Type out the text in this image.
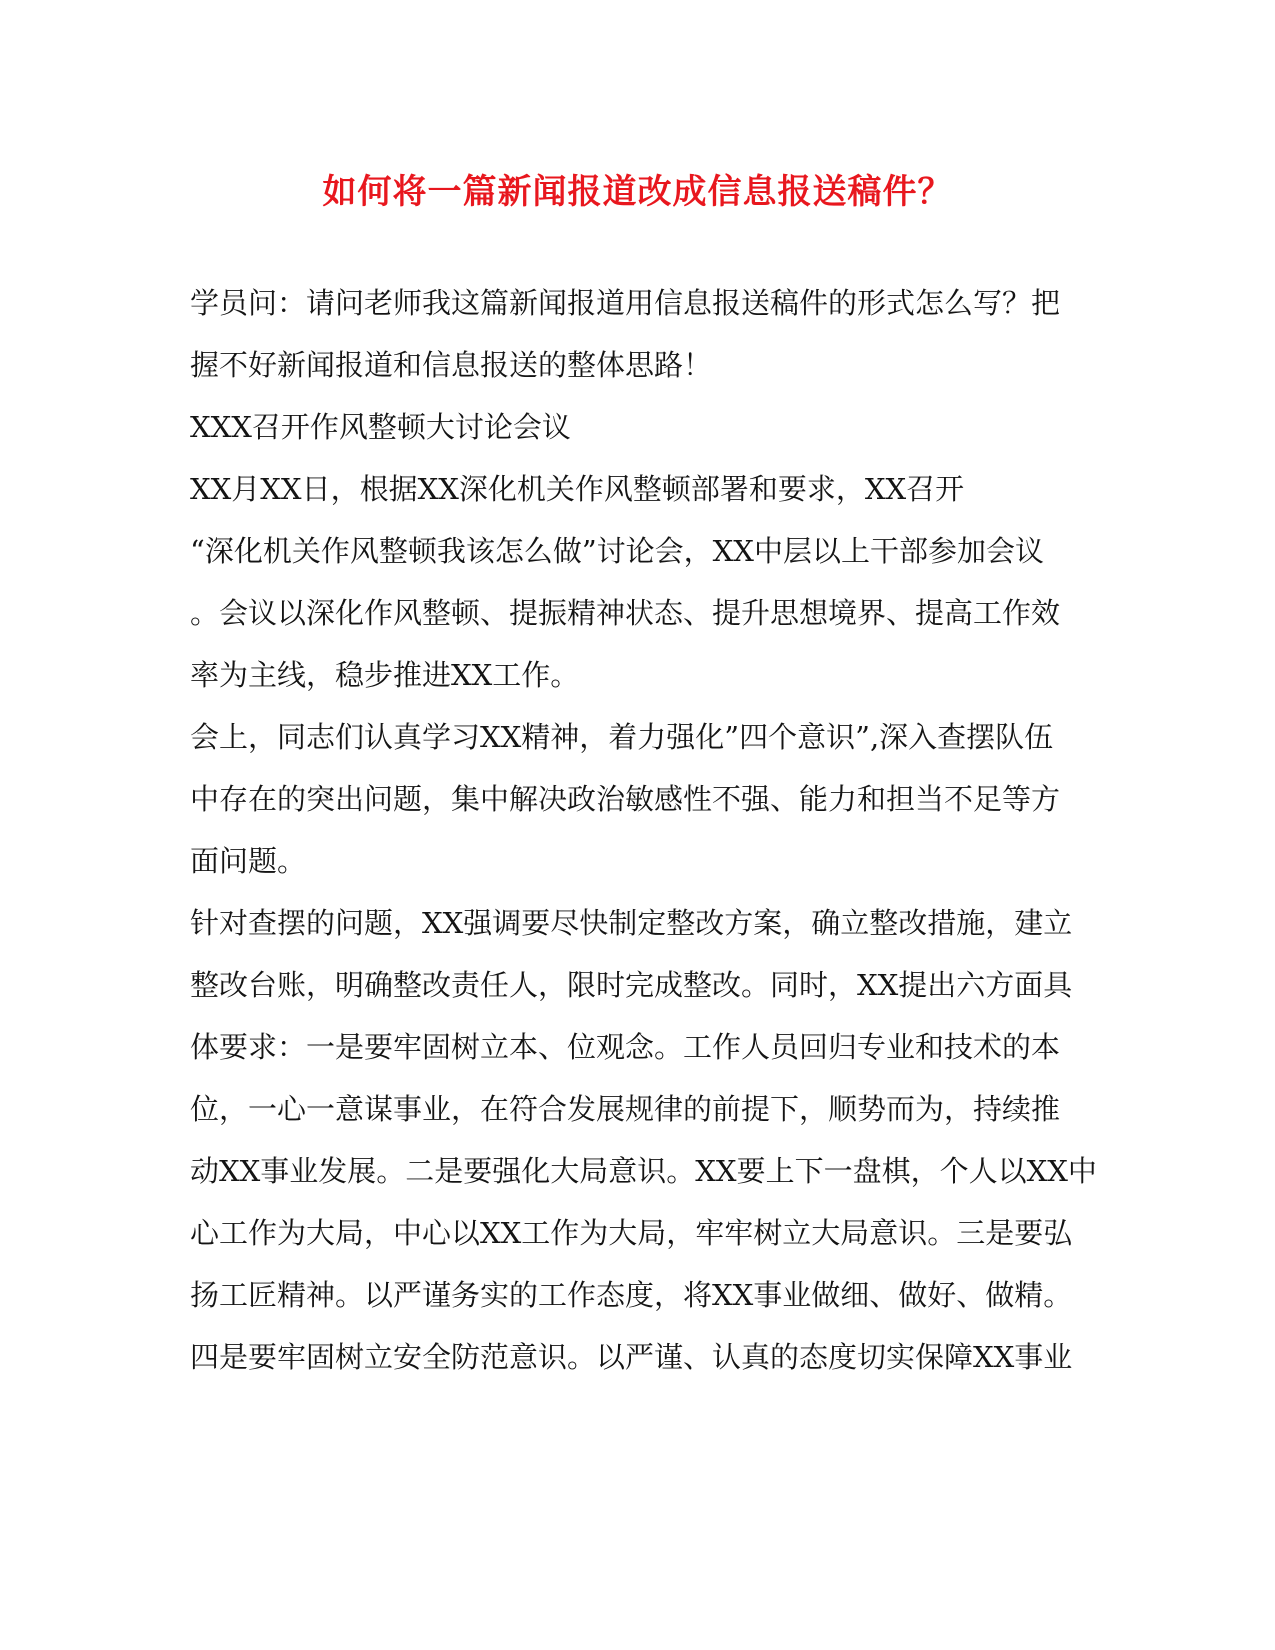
如何将一篇新闻报道改成信息报送稿件？
学员问：请问老师我这篇新闻报道用信息报送稿件的形式怎么写？把
握不好新闻报道和信息报送的整体思路！
XXX召开作风整顿大讨论会议
XX月XX日，根据XX深化机关作风整顿部署和要求，XX召开
“深化机关作风整顿我该怎么做”讨论会，XX中层以上干部参加会议
。会议以深化作风整顿、提振精神状态、提升思想境界、提高工作效
率为主线，稳步推进XX工作。
会上，同志们认真学习XX精神，着力强化”四个意识”,深入查摆队伍
中存在的突出问题，集中解决政治敏感性不强、能力和担当不足等方
面问题。
针对查摆的问题，XX强调要尽快制定整改方案，确立整改措施，建立
整改台账，明确整改责任人，限时完成整改。同时，XX提出六方面具
体要求：一是要牢固树立本、位观念。工作人员回归专业和技术的本
位，一心一意谋事业，在符合发展规律的前提下，顺势而为，持续推
动XX事业发展。二是要强化大局意识。XX要上下一盘棋，个人以XX中
心工作为大局，中心以XX工作为大局，牢牢树立大局意识。三是要弘
扬工匠精神。以严谨务实的工作态度，将XX事业做细、做好、做精。
四是要牢固树立安全防范意识。以严谨、认真的态度切实保障XX事业
